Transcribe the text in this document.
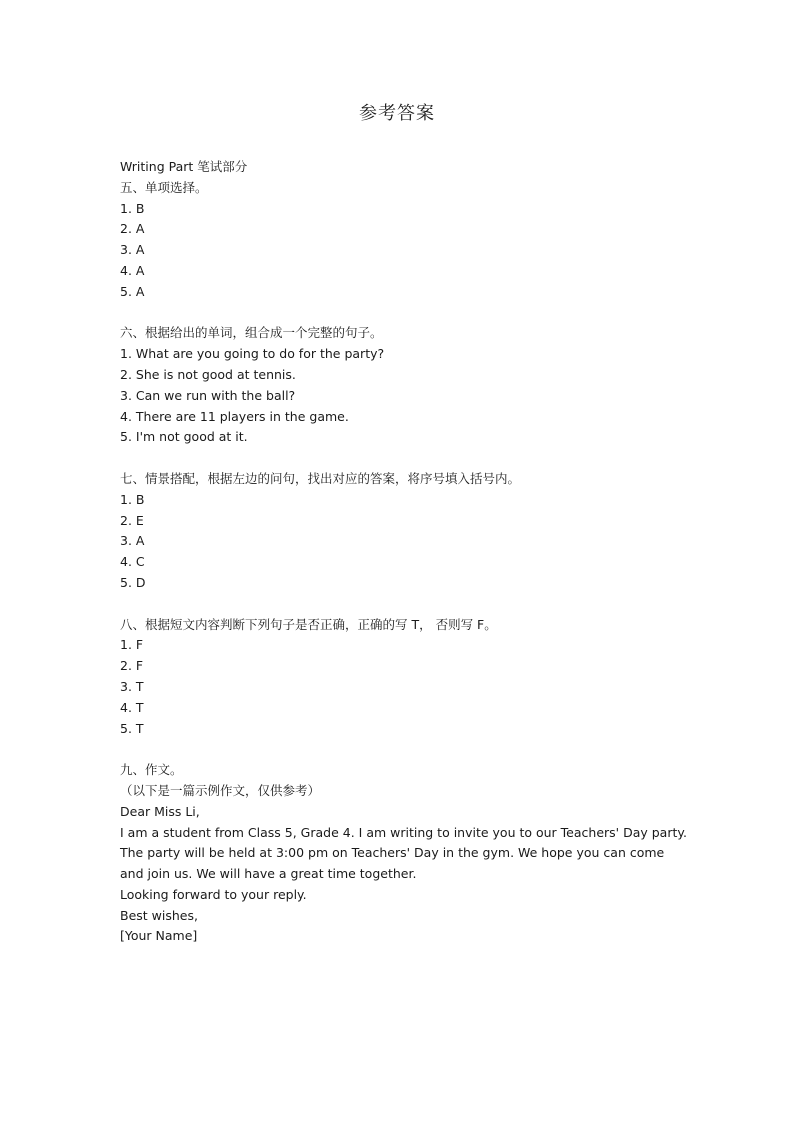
参考答案
Writing Part 笔试部分
五、单项选择。
1. B
2. A
3. A
4. A
5. A
六、根据给出的单词，组合成一个完整的句子。
1. What are you going to do for the party?
2. She is not good at tennis.
3. Can we run with the ball?
4. There are 11 players in the game.
5. I'm not good at it.
七、情景搭配，根据左边的问句，找出对应的答案，将序号填入括号内。
1. B
2. E
3. A
4. C
5. D
八、根据短文内容判断下列句子是否正确，正确的写 T， 否则写 F。
1. F
2. F
3. T
4. T
5. T
九、作文。
（以下是一篇示例作文，仅供参考）
Dear Miss Li,
I am a student from Class 5, Grade 4. I am writing to invite you to our Teachers' Day party. The party will be held at 3:00 pm on Teachers' Day in the gym. We hope you can come and join us. We will have a great time together.
Looking forward to your reply.
Best wishes,
[Your Name]
